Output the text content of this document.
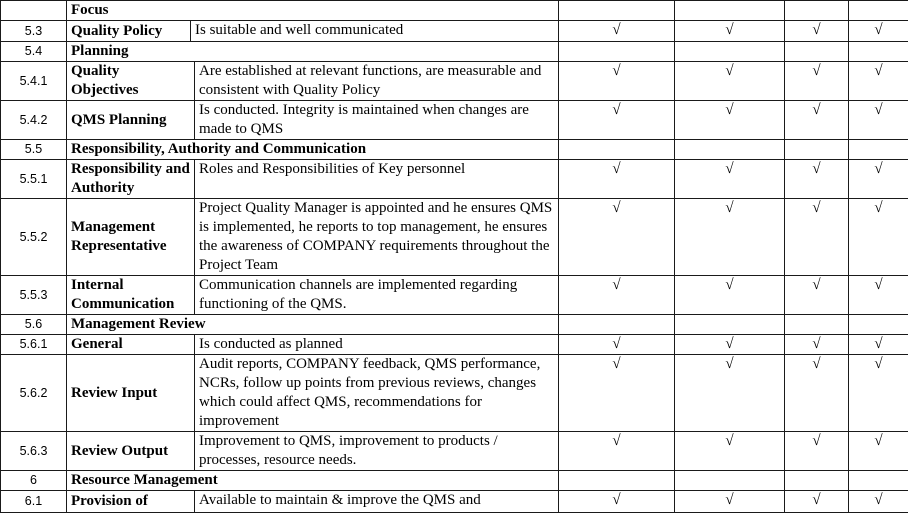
	Focus						
5.3	Quality Policy	Is suitable and well communicated		√	√	√	√
5.4	Planning						
5.4.1	Quality Objectives		Are established at relevant functions, are measurable and consistent with Quality Policy	√	√	√	√
5.4.2	QMS Planning		Is conducted. Integrity is maintained when changes are made to QMS	√	√	√	√
5.5	Responsibility, Authority and Communication						
5.5.1	Responsibility and Authority		Roles and Responsibilities of Key personnel	√	√	√	√
5.5.2	Management Representative		Project Quality Manager is appointed and he ensures QMS is implemented, he reports to top management, he ensures the awareness of COMPANY requirements throughout the Project Team	√	√	√	√
5.5.3	Internal Communication		Communication channels are implemented regarding functioning of the QMS.	√	√	√	√
5.6	Management Review						
5.6.1	General		Is conducted as planned	√	√	√	√
5.6.2	Review Input		Audit reports, COMPANY feedback, QMS performance, NCRs, follow up points from previous reviews, changes which could affect QMS, recommendations for improvement	√	√	√	√
5.6.3	Review Output		Improvement to QMS, improvement to products / processes, resource needs.	√	√	√	√
6	Resource Management						
6.1	Provision of		Available to maintain & improve the QMS and	√	√	√	√
